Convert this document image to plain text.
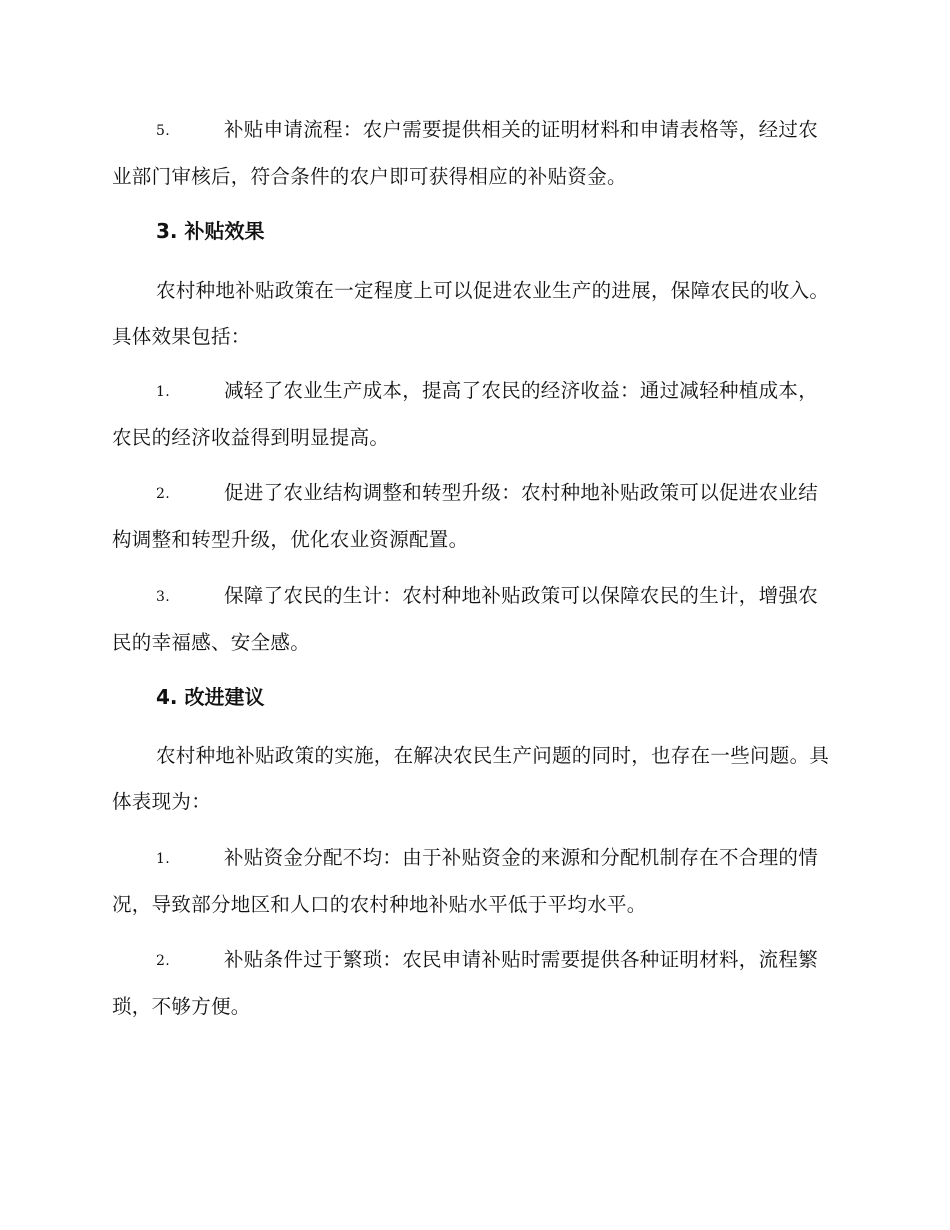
5.	补贴申请流程：农户需要提供相关的证明材料和申请表格等，经过农业部门审核后，符合条件的农户即可获得相应的补贴资金。

3. 补贴效果

农村种地补贴政策在一定程度上可以促进农业生产的进展，保障农民的收入。具体效果包括：

1.	减轻了农业生产成本，提高了农民的经济收益：通过减轻种植成本，农民的经济收益得到明显提高。

2.	促进了农业结构调整和转型升级：农村种地补贴政策可以促进农业结构调整和转型升级，优化农业资源配置。

3.	保障了农民的生计：农村种地补贴政策可以保障农民的生计，增强农民的幸福感、安全感。

4. 改进建议

农村种地补贴政策的实施，在解决农民生产问题的同时，也存在一些问题。具体表现为：

1.	补贴资金分配不均：由于补贴资金的来源和分配机制存在不合理的情况，导致部分地区和人口的农村种地补贴水平低于平均水平。

2.	补贴条件过于繁琐：农民申请补贴时需要提供各种证明材料，流程繁琐，不够方便。
